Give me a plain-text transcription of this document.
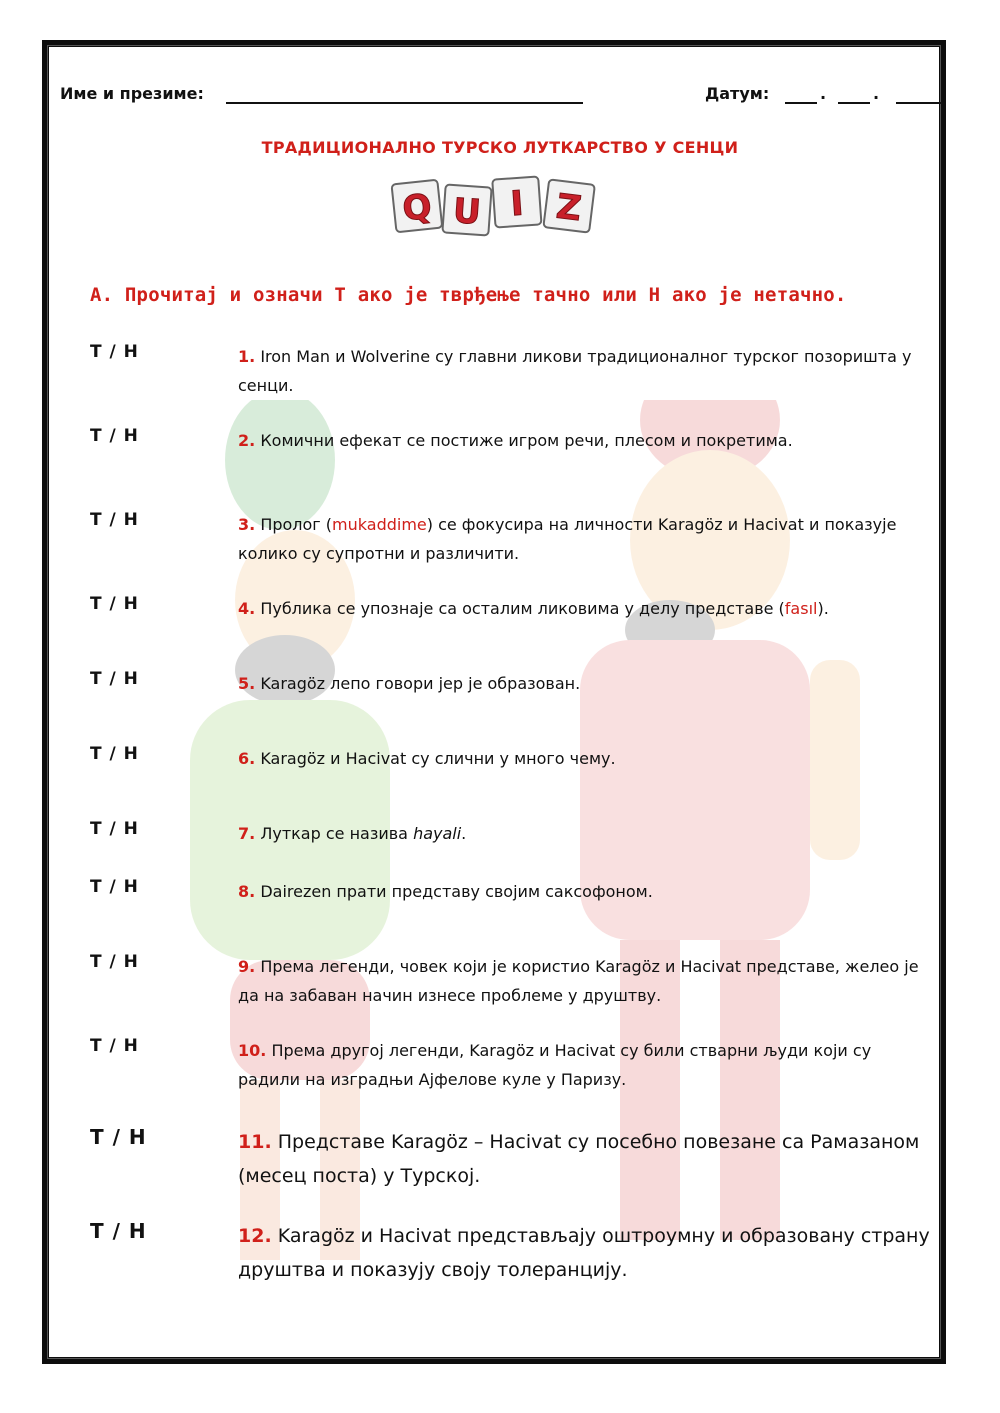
Име и презиме:	Датум:	.	.
ТРАДИЦИОНАЛНО ТУРСКО ЛУТКАРСТВО У СЕНЦИ
Q U I Z
A. Прочитај и означи Т ако је тврђење тачно или Н ако је нетачно.
Т / Н	1. Iron Man и Wolverine су главни ликови традиционалног турског позоришта у сенци.
Т / Н	2. Комични ефекат се постиже игром речи, плесом и покретима.
Т / Н	3. Пролог (mukaddime) се фокусира на личности Karagöz и Hacivat и показује колико су супротни и различити.
Т / Н	4. Публика се упознаје са осталим ликовима у делу представе (fasıl).
Т / Н	5. Karagöz лепо говори јер је образован.
Т / Н	6. Karagöz и Hacivat су слични у много чему.
Т / Н	7. Луткар се назива hayali.
Т / Н	8. Dairezen прати представу својим саксофоном.
Т / Н	9. Према легенди, човек који је користио Karagöz и Hacivat представе, желео је да на забаван начин изнесе проблеме у друштву.
Т / Н	10. Према другој легенди, Karagöz и Hacivat су били стварни људи који су радили на изградњи Ајфелове куле у Паризу.
Т / Н	11. Представе Karagöz – Hacivat су посебно повезане са Рамазаном (месец поста) у Турској.
Т / Н	12. Karagöz и Hacivat представљају оштроумну и образовану страну друштва и показују своју толеранцију.
